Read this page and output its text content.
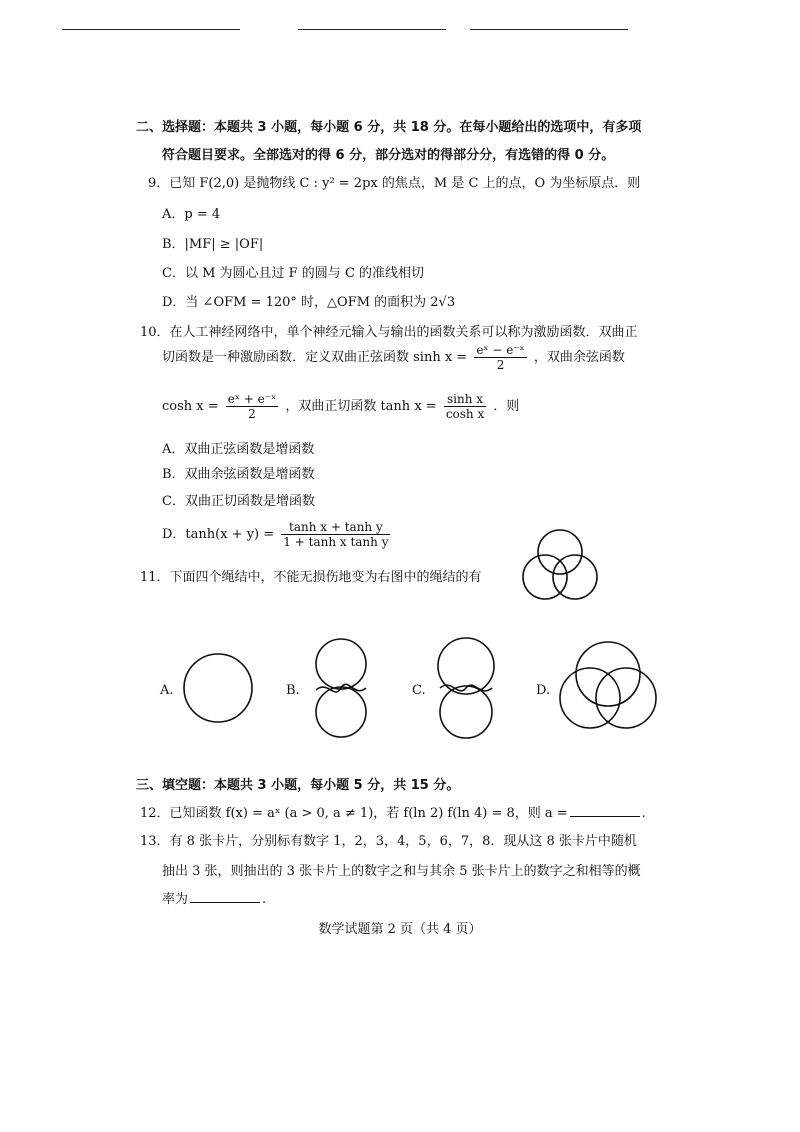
二、选择题：本题共 3 小题，每小题 6 分，共 18 分。在每小题给出的选项中，有多项
符合题目要求。全部选对的得 6 分，部分选对的得部分分，有选错的得 0 分。
9．已知 F(2,0) 是抛物线 C : y² = 2px 的焦点，M 是 C 上的点，O 为坐标原点．则
A．p = 4
B．|MF| ≥ |OF|
C．以 M 为圆心且过 F 的圆与 C 的准线相切
D．当 ∠OFM = 120° 时，△OFM 的面积为 2√3
10．在人工神经网络中，单个神经元输入与输出的函数关系可以称为激励函数．双曲正
切函数是一种激励函数．定义双曲正弦函数 $\sinh x = \frac{\text{eˣ − e⁻ˣ}}{2}$ ，双曲余弦函数
$\cosh x = \frac{\text{eˣ + e⁻ˣ}}{2}$ ，双曲正切函数 $\tanh x = \frac{\text{sinh x}}{\text{cosh x}}$ ．则
A．双曲正弦函数是增函数
B．双曲余弦函数是增函数
C．双曲正切函数是增函数
D．$\tanh(x + y) = \frac{\text{tanh x + tanh y}}{\text{1 + tanh x tanh y}}$
11．下面四个绳结中，不能无损伤地变为右图中的绳结的有
A.	B.	C.	D.
三、填空题：本题共 3 小题，每小题 5 分，共 15 分。
12．已知函数 f(x) = aˣ (a > 0, a ≠ 1)，若 f(ln 2) f(ln 4) = 8，则 a =	.
13．有 8 张卡片，分别标有数字 1，2，3，4，5，6，7，8．现从这 8 张卡片中随机
抽出 3 张，则抽出的 3 张卡片上的数字之和与其余 5 张卡片上的数字之和相等的概
率为	.
数学试题第 2 页（共 4 页）
